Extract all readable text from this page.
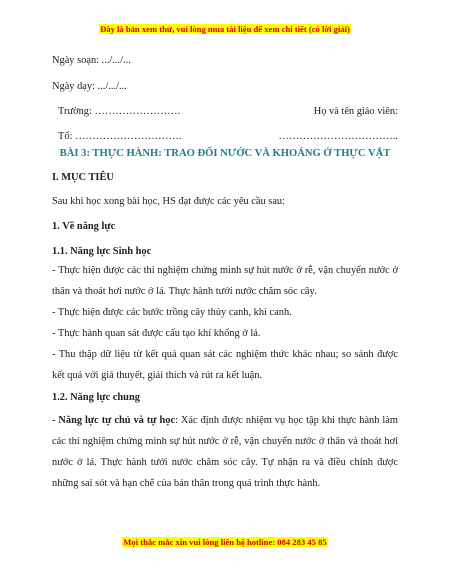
Đây là bản xem thử, vui lòng mua tài liệu để xem chi tiết (có lời giải)
Ngày soạn: .../.../...
Ngày dạy: .../.../...
Trường: …………………….	Họ và tên giáo viên:
Tổ: ………………………….	……………………………..
BÀI 3: THỰC HÀNH: TRAO ĐỔI NƯỚC VÀ KHOÁNG Ở THỰC VẬT
I. MỤC TIÊU
Sau khi học xong bài học, HS đạt được các yêu cầu sau:
1. Về năng lực
1.1. Năng lực Sinh học
- Thực hiện được các thí nghiệm chứng minh sự hút nước ở rễ, vận chuyển nước ở thân và thoát hơi nước ở lá. Thực hành tưới nước chăm sóc cây.
- Thực hiện được các bước trồng cây thủy canh, khí canh.
- Thực hành quan sát được cấu tạo khí khổng ở lá.
- Thu thập dữ liệu từ kết quả quan sát các nghiệm thức khác nhau; so sánh được kết quả với giả thuyết, giải thích và rút ra kết luận.
1.2. Năng lực chung
- Năng lực tự chủ và tự học: Xác định được nhiệm vụ học tập khi thực hành làm các thí nghiệm chứng minh sự hút nước ở rễ, vận chuyển nước ở thân và thoát hơi nước ở lá. Thực hành tưới nước chăm sóc cây. Tự nhận ra và điều chỉnh được những sai sót và hạn chế của bản thân trong quá trình thực hành.
Mọi thắc mắc xin vui lòng liên hệ hotline: 084 283 45 85
